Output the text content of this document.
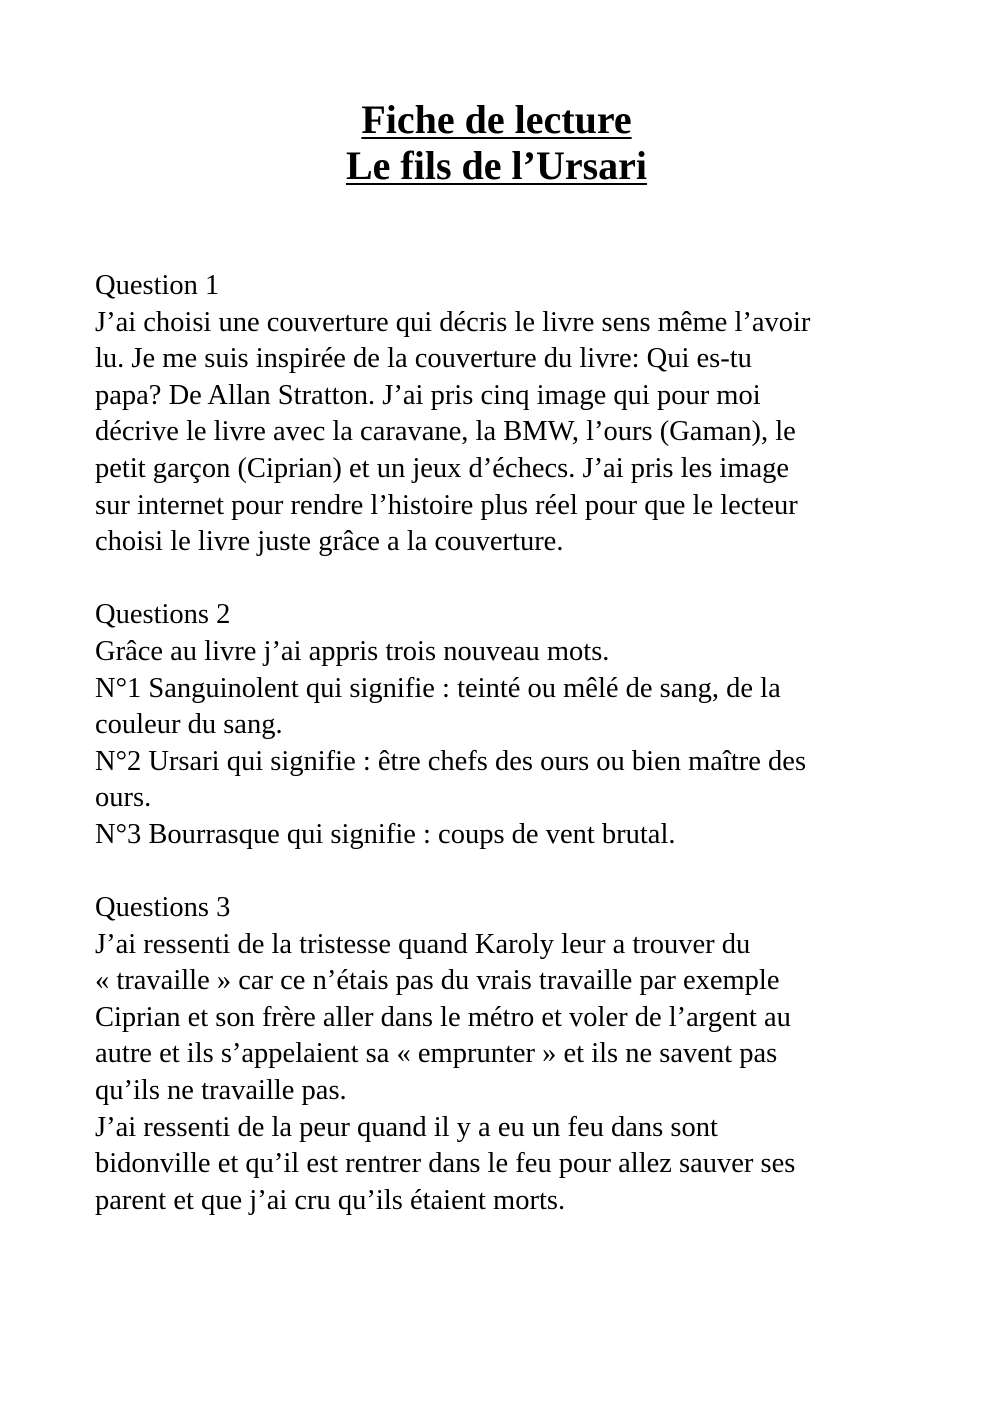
Fiche de lecture
Le fils de l’Ursari
Question 1
J’ai choisi une couverture qui décris le livre sens même l’avoir
lu. Je me suis inspirée de la couverture du livre: Qui es-tu
papa? De Allan Stratton. J’ai pris cinq image qui pour moi
décrive le livre avec la caravane, la BMW, l’ours (Gaman), le
petit garçon (Ciprian) et un jeux d’échecs. J’ai pris les image
sur internet pour rendre l’histoire plus réel pour que le lecteur
choisi le livre juste grâce a la couverture.
Questions 2
Grâce au livre j’ai appris trois nouveau mots.
N°1 Sanguinolent qui signifie : teinté ou mêlé de sang, de la
couleur du sang.
N°2 Ursari qui signifie : être chefs des ours ou bien maître des
ours.
N°3 Bourrasque qui signifie : coups de vent brutal.
Questions 3
J’ai ressenti de la tristesse quand Karoly leur a trouver du
« travaille » car ce n’étais pas du vrais travaille par exemple
Ciprian et son frère aller dans le métro et voler de l’argent au
autre et ils s’appelaient sa « emprunter » et ils ne savent pas
qu’ils ne travaille pas.
J’ai ressenti de la peur quand il y a eu un feu dans sont
bidonville et qu’il est rentrer dans le feu pour allez sauver ses
parent et que j’ai cru qu’ils étaient morts.
